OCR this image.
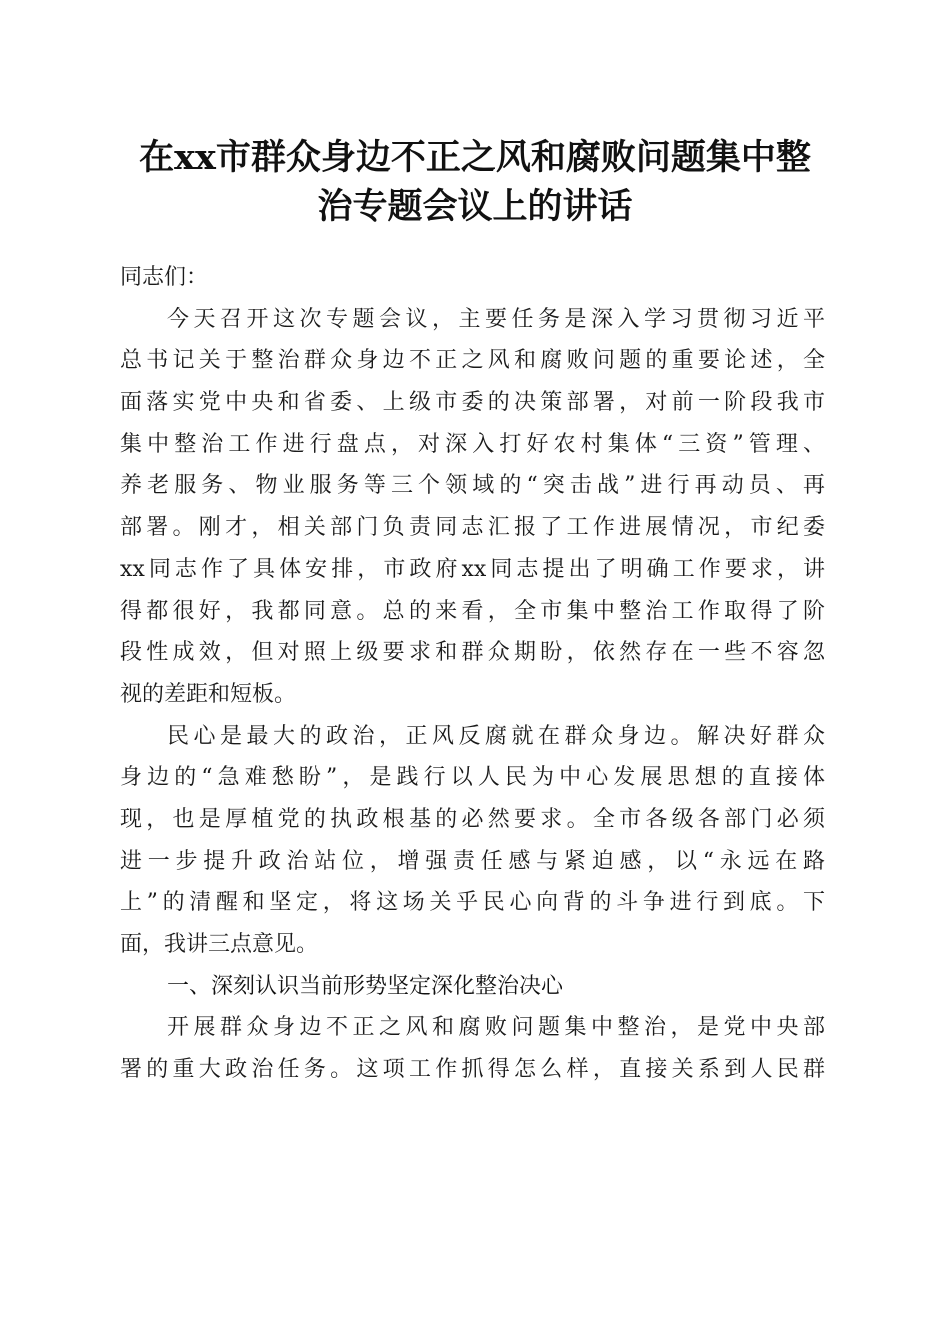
在xx市群众身边不正之风和腐败问题集中整
治专题会议上的讲话
同志们：
今天召开这次专题会议，主要任务是深入学习贯彻习近平
总书记关于整治群众身边不正之风和腐败问题的重要论述，全
面落实党中央和省委、上级市委的决策部署，对前一阶段我市
集中整治工作进行盘点，对深入打好农村集体“三资”管理、
养老服务、物业服务等三个领域的“突击战”进行再动员、再
部署。刚才，相关部门负责同志汇报了工作进展情况，市纪委
xx同志作了具体安排，市政府xx同志提出了明确工作要求，讲
得都很好，我都同意。总的来看，全市集中整治工作取得了阶
段性成效，但对照上级要求和群众期盼，依然存在一些不容忽
视的差距和短板。
民心是最大的政治，正风反腐就在群众身边。解决好群众
身边的“急难愁盼”，是践行以人民为中心发展思想的直接体
现，也是厚植党的执政根基的必然要求。全市各级各部门必须
进一步提升政治站位，增强责任感与紧迫感，以“永远在路
上”的清醒和坚定，将这场关乎民心向背的斗争进行到底。下
面，我讲三点意见。
一、深刻认识当前形势坚定深化整治决心
开展群众身边不正之风和腐败问题集中整治，是党中央部
署的重大政治任务。这项工作抓得怎么样，直接关系到人民群
